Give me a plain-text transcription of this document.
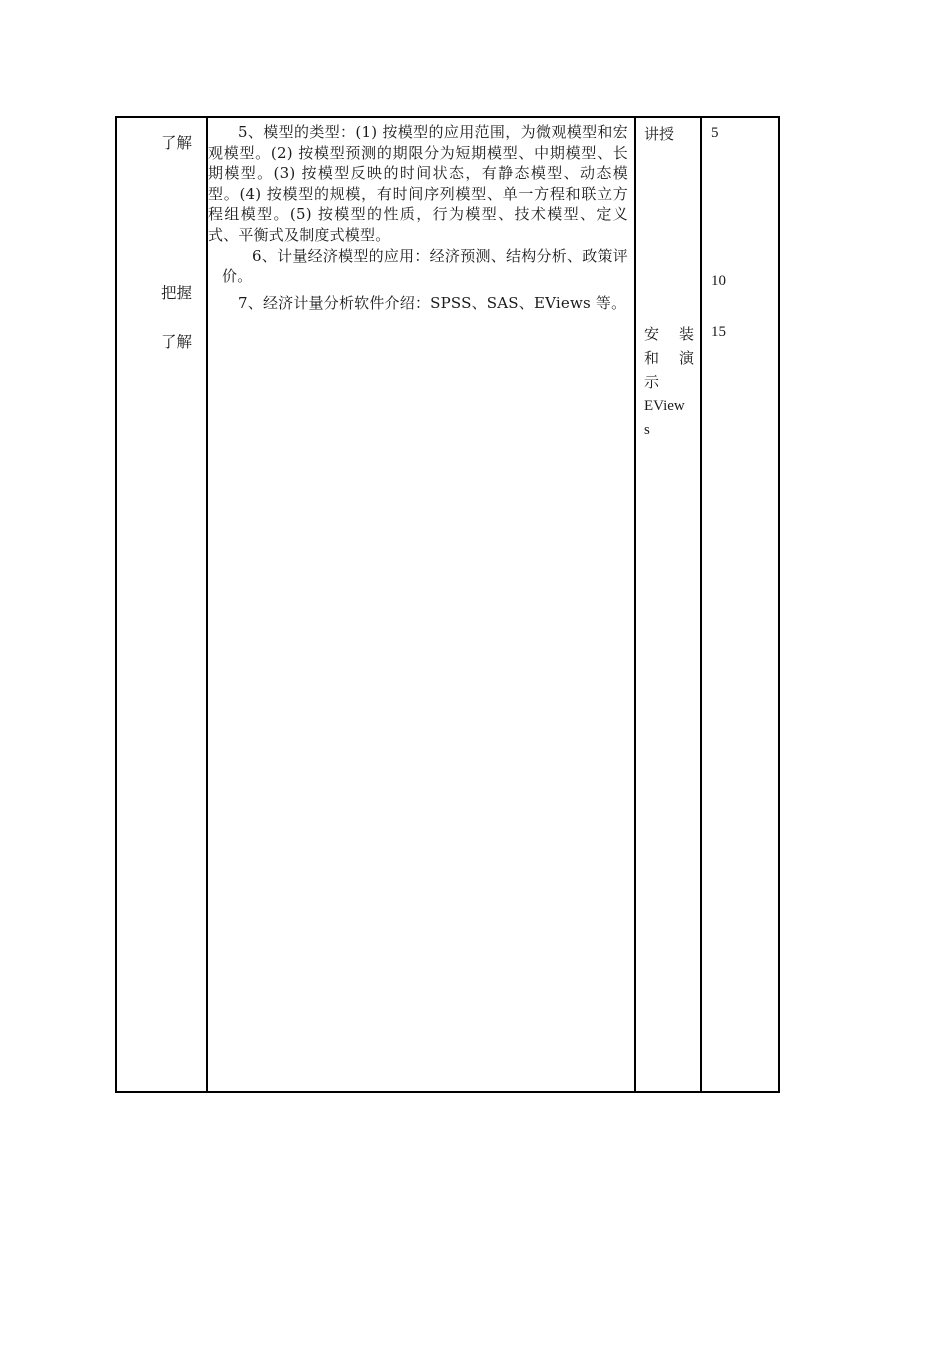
了解
把握
了解

5、模型的类型：(1) 按模型的应用范围，为微观模型和宏观模型。(2) 按模型预测的期限分为短期模型、中期模型、长期模型。(3) 按模型反映的时间状态，有静态模型、动态模型。(4) 按模型的规模，有时间序列模型、单一方程和联立方程组模型。(5) 按模型的性质，行为模型、技术模型、定义式、平衡式及制度式模型。

6、计量经济模型的应用：经济预测、结构分析、政策评价。

7、经济计量分析软件介绍：SPSS、SAS、EViews 等。

讲授
安 装
和 演
示
EView
s
5
10
15
